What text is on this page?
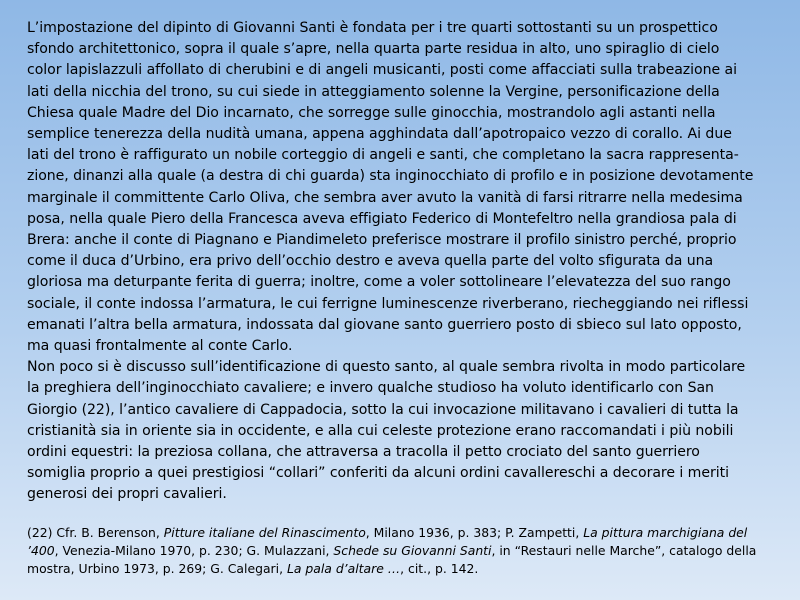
L’impostazione del dipinto di Giovanni Santi è fondata per i tre quarti sottostanti su un prospettico
sfondo architettonico, sopra il quale s’apre, nella quarta parte residua in alto, uno spiraglio di cielo
color lapislazzuli affollato di cherubini e di angeli musicanti, posti come affacciati sulla trabeazione ai
lati della nicchia del trono, su cui siede in atteggiamento solenne la Vergine, personificazione della
Chiesa quale Madre del Dio incarnato, che sorregge sulle ginocchia, mostrandolo agli astanti nella
semplice tenerezza della nudità umana, appena agghindata dall’apotropaico vezzo di corallo. Ai due
lati del trono è raffigurato un nobile corteggio di angeli e santi, che completano la sacra rappresenta-
zione, dinanzi alla quale (a destra di chi guarda) sta inginocchiato di profilo e in posizione devotamente
marginale il committente Carlo Oliva, che sembra aver avuto la vanità di farsi ritrarre nella medesima
posa, nella quale Piero della Francesca aveva effigiato Federico di Montefeltro nella grandiosa pala di
Brera: anche il conte di Piagnano e Piandimeleto preferisce mostrare il profilo sinistro perché, proprio
come il duca d’Urbino, era privo dell’occhio destro e aveva quella parte del volto sfigurata da una
gloriosa ma deturpante ferita di guerra; inoltre, come a voler sottolineare l’elevatezza del suo rango
sociale, il conte indossa l’armatura, le cui ferrigne luminescenze riverberano, riecheggiando nei riflessi
emanati l’altra bella armatura, indossata dal giovane santo guerriero posto di sbieco sul lato opposto,
ma quasi frontalmente al conte Carlo.
Non poco si è discusso sull’identificazione di questo santo, al quale sembra rivolta in modo particolare
la preghiera dell’inginocchiato cavaliere; e invero qualche studioso ha voluto identificarlo con San
Giorgio (22), l’antico cavaliere di Cappadocia, sotto la cui invocazione militavano i cavalieri di tutta la
cristianità sia in oriente sia in occidente, e alla cui celeste protezione erano raccomandati i più nobili
ordini equestri: la preziosa collana, che attraversa a tracolla il petto crociato del santo guerriero
somiglia proprio a quei prestigiosi “collari” conferiti da alcuni ordini cavallereschi a decorare i meriti
generosi dei propri cavalieri.
(22) Cfr. B. Berenson, Pitture italiane del Rinascimento, Milano 1936, p. 383; P. Zampetti, La pittura marchigiana del
’400, Venezia-Milano 1970, p. 230; G. Mulazzani, Schede su Giovanni Santi, in “Restauri nelle Marche”, catalogo della
mostra, Urbino 1973, p. 269; G. Calegari, La pala d’altare …, cit., p. 142.
